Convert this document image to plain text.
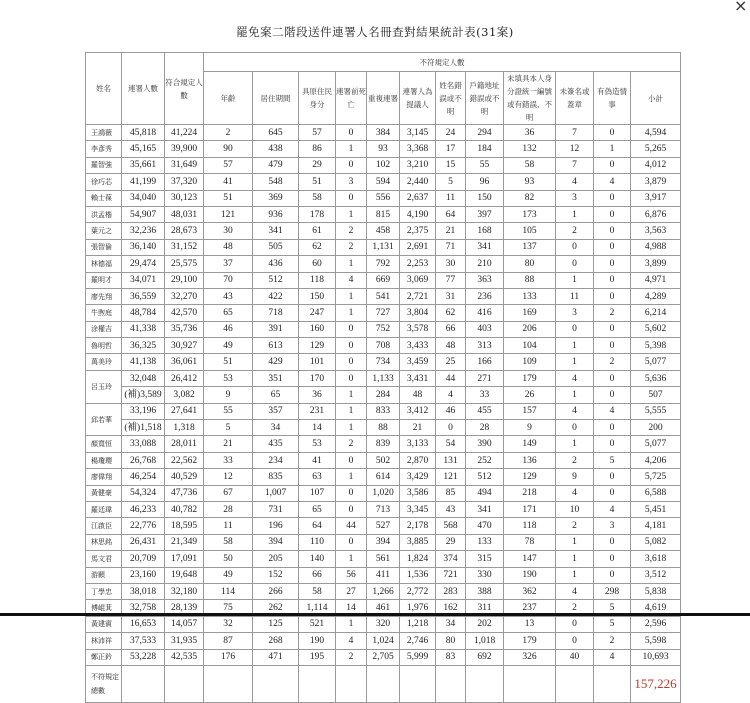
×
罷免案二階段送件連署人名冊查對結果統計表(31案)
姓名	連署人數	符合規定人數	不符規定人數											
			年齡	居住期間	具原住民身分	連署前死亡	重複連署	連署人為提議人	姓名錯誤或不明	戶籍地址錯誤或不明	未填具本人身分證統一編號或有錯誤、不明	未簽名或蓋章	有偽造情事	小計
王鴻薇	45,818	41,224	2	645	57	0	384	3,145	24	294	36	7	0	4,594
李彥秀	45,165	39,900	90	438	86	1	93	3,368	17	184	132	12	1	5,265
羅智強	35,661	31,649	57	479	29	0	102	3,210	15	55	58	7	0	4,012
徐巧芯	41,199	37,320	41	548	51	3	594	2,440	5	96	93	4	4	3,879
賴士葆	34,040	30,123	51	369	58	0	556	2,637	11	150	82	3	0	3,917
洪孟楷	54,907	48,031	121	936	178	1	815	4,190	64	397	173	1	0	6,876
葉元之	32,236	28,673	30	341	61	2	458	2,375	21	168	105	2	0	3,563
張智倫	36,140	31,152	48	505	62	2	1,131	2,691	71	341	137	0	0	4,988
林德福	29,474	25,575	37	436	60	1	792	2,253	30	210	80	0	0	3,899
羅明才	34,071	29,100	70	512	118	4	669	3,069	77	363	88	1	0	4,971
廖先翔	36,559	32,270	43	422	150	1	541	2,721	31	236	133	11	0	4,289
牛煦庭	48,784	42,570	65	718	247	1	727	3,804	62	416	169	3	2	6,214
涂權吉	41,338	35,736	46	391	160	0	752	3,578	66	403	206	0	0	5,602
魯明哲	36,325	30,927	49	613	129	0	708	3,433	48	313	104	1	0	5,398
萬美玲	41,138	36,061	51	429	101	0	734	3,459	25	166	109	1	2	5,077
呂玉玲	32,048	26,412	53	351	170	0	1,133	3,431	44	271	179	4	0	5,636
	(補)3,589	3,082	9	65	36	1	284	48	4	33	26	1	0	507
邱若華	33,196	27,641	55	357	231	1	833	3,412	46	455	157	4	4	5,555
	(補)1,518	1,318	5	34	14	1	88	21	0	28	9	0	0	200
顏寬恒	33,088	28,011	21	435	53	2	839	3,133	54	390	149	1	0	5,077
楊瓊瓔	26,768	22,562	33	234	41	0	502	2,870	131	252	136	2	5	4,206
廖偉翔	46,254	40,529	12	835	63	1	614	3,429	121	512	129	9	0	5,725
黃健豪	54,324	47,736	67	1,007	107	0	1,020	3,586	85	494	218	4	0	6,588
羅廷瑋	46,233	40,782	28	731	65	0	713	3,345	43	341	171	10	4	5,451
江啟臣	22,776	18,595	11	196	64	44	527	2,178	568	470	118	2	3	4,181
林思銘	26,431	21,349	58	394	110	0	394	3,885	29	133	78	1	0	5,082
馬文君	20,709	17,091	50	205	140	1	561	1,824	374	315	147	1	0	3,618
游顥	23,160	19,648	49	152	66	56	411	1,536	721	330	190	1	0	3,512
丁學忠	38,018	32,180	114	266	58	27	1,266	2,772	283	388	362	4	298	5,838
傅崐萁	32,758	28,139	75	262	1,114	14	461	1,976	162	311	237	2	5	4,619
黃建賓	16,653	14,057	32	125	521	1	320	1,218	34	202	13	0	5	2,596
林沛祥	37,533	31,935	87	268	190	4	1,024	2,746	80	1,018	179	0	2	5,598
鄭正鈐	53,228	42,535	176	471	195	2	2,705	5,999	83	692	326	40	4	10,693
不符規定總數														157,226
